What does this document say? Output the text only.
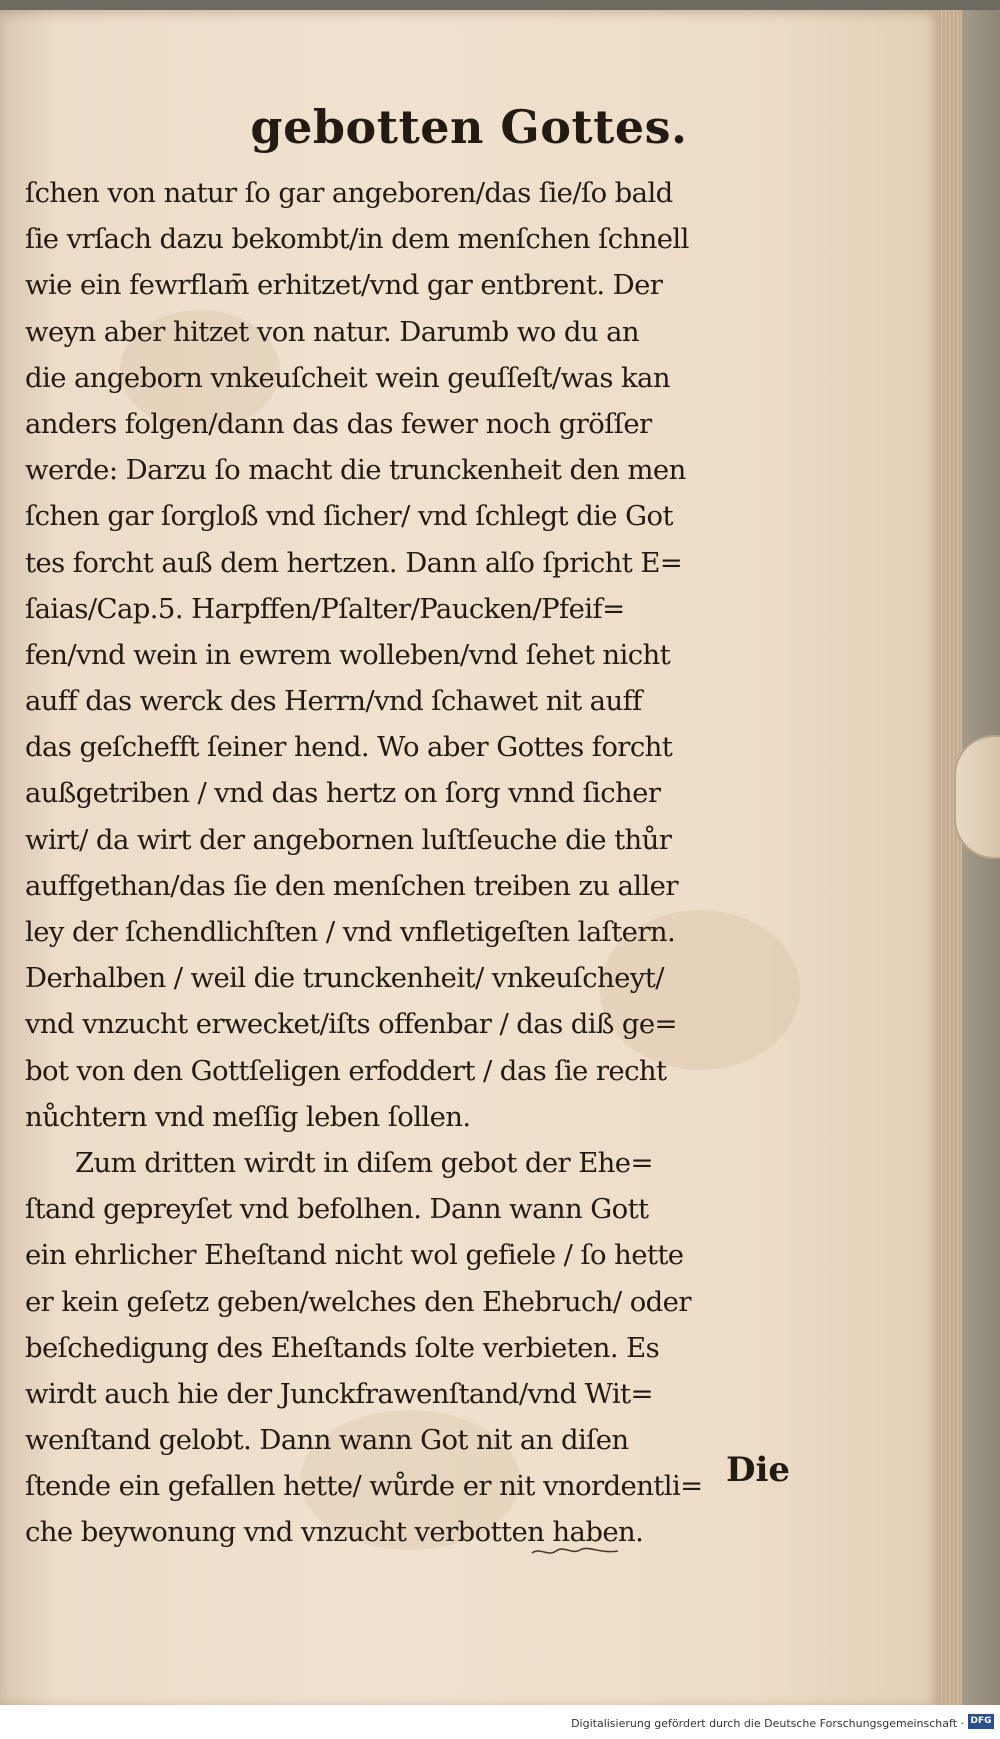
gebotten Gottes.
ſchen von natur ſo gar angeboren/das ſie/ſo bald
ſie vrſach dazu bekombt/in dem menſchen ſchnell
wie ein fewrflam̄ erhitzet/vnd gar entbrent. Der
weyn aber hitzet von natur. Darumb wo du an
die angeborn vnkeuſcheit wein geuſſeſt/was kan
anders folgen/dann das das fewer noch gröſſer
werde: Darzu ſo macht die trunckenheit den men
ſchen gar ſorgloß vnd ſicher/ vnd ſchlegt die Got
tes forcht auß dem hertzen. Dann alſo ſpricht E=
ſaias/Cap.5. Harpffen/Pſalter/Paucken/Pfeif=
fen/vnd wein in ewrem wolleben/vnd ſehet nicht
auff das werck des Herrn/vnd ſchawet nit auff
das geſchefft ſeiner hend. Wo aber Gottes forcht
außgetriben / vnd das hertz on ſorg vnnd ſicher
wirt/ da wirt der angebornen luſtſeuche die thůr
auffgethan/das ſie den menſchen treiben zu aller
ley der ſchendlichſten / vnd vnfletigeſten laſtern.
Derhalben / weil die trunckenheit/ vnkeuſcheyt/
vnd vnzucht erwecket/iſts offenbar / das diß ge=
bot von den Gottſeligen erfoddert / das ſie recht
nůchtern vnd meſſig leben ſollen.
Zum dritten wirdt in diſem gebot der Ehe=
ſtand gepreyſet vnd befolhen. Dann wann Gott
ein ehrlicher Eheſtand nicht wol gefiele / ſo hette
er kein geſetz geben/welches den Ehebruch/ oder
beſchedigung des Eheſtands ſolte verbieten. Es
wirdt auch hie der Junckfrawenſtand/vnd Wit=
wenſtand gelobt. Dann wann Got nit an diſen
ſtende ein gefallen hette/ wůrde er nit vnordentli=
che beywonung vnd vnzucht verbotten haben.
Die
Digitalisierung gefördert durch die Deutsche Forschungsgemeinschaft · DFG
